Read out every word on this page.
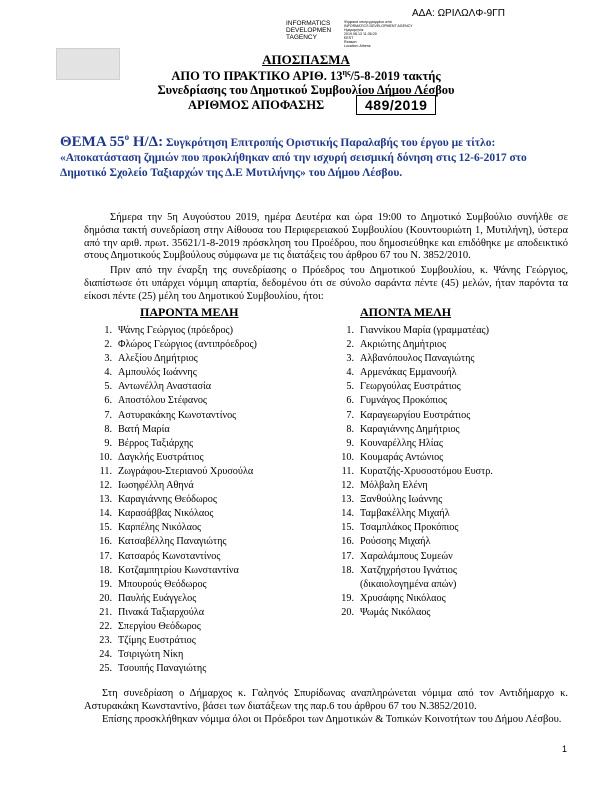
ΑΔΑ: ΩΡΙΛΩΛΦ-9ΓΠ
INFORMATICS
DEVELOPMEN
TAGENCY
Ψηφιακά υπογεγραμμένο από
INFORMATICS DEVELOPMENT AGENCY
Ημερομηνία:
2019.08.13 11:36:20
EEST
Reason:
Location: Athens
ΑΠΟΣΠΑΣΜΑ
ΑΠΟ ΤΟ ΠΡΑΚΤΙΚΟ ΑΡΙΘ. $13^{\eta\varsigma}/5-8-2019$ τακτής
Συνεδρίασης του Δημοτικού Συμβουλίου Δήμου Λέσβου
ΑΡΙΘΜΟΣ ΑΠΟΦΑΣΗΣ	489/2019
ΘΕΜΑ $55^o$ Η/Δ: Συγκρότηση Επιτροπής Οριστικής Παραλαβής του έργου με τίτλο: «Αποκατάσταση ζημιών που προκλήθηκαν από την ισχυρή σεισμική δόνηση στις 12-6-2017 στο Δημοτικό Σχολείο Ταξιαρχών της Δ.Ε Μυτιλήνης» του Δήμου Λέσβου.
Σήμερα την 5η Αυγούστου 2019, ημέρα Δευτέρα και ώρα 19:00 το Δημοτικό Συμβούλιο συνήλθε σε δημόσια τακτή συνεδρίαση στην Αίθουσα του Περιφερειακού Συμβουλίου (Κουντουριώτη 1, Μυτιλήνη), ύστερα από την αριθ. πρωτ. 35621/1-8-2019 πρόσκληση του Προέδρου, που δημοσιεύθηκε και επιδόθηκε με αποδεικτικό στους Δημοτικούς Συμβούλους σύμφωνα με τις διατάξεις του άρθρου 67 του Ν. 3852/2010.
Πριν από την έναρξη της συνεδρίασης ο Πρόεδρος του Δημοτικού Συμβουλίου, κ. Ψάνης Γεώργιος, διαπίστωσε ότι υπάρχει νόμιμη απαρτία, δεδομένου ότι σε σύνολο σαράντα πέντε (45) μελών, ήταν παρόντα τα είκοσι πέντε (25) μέλη του Δημοτικού Συμβουλίου, ήτοι:
ΠΑΡΟΝΤΑ ΜΕΛΗ	ΑΠΟΝΤΑ ΜΕΛΗ
1. Ψάνης Γεώργιος (πρόεδρος)
2. Φλώρος Γεώργιος (αντιπρόεδρος)
3. Αλεξίου Δημήτριος
4. Αμπουλός Ιωάννης
5. Αντωνέλλη Αναστασία
6. Αποστόλου Στέφανος
7. Αστυρακάκης Κωνσταντίνος
8. Βατή Μαρία
9. Βέρρος Ταξιάρχης
10. Δαγκλής Ευστράτιος
11. Ζωγράφου-Στεριανού Χρυσούλα
12. Ιωσηφέλλη Αθηνά
13. Καραγιάννης Θεόδωρος
14. Καρασάββας Νικόλαος
15. Καρπέλης Νικόλαος
16. Κατσαβέλλης Παναγιώτης
17. Κατσαρός Κωνσταντίνος
18. Κοτζαμπητρίου Κωνσταντίνα
19. Μπουρούς Θεόδωρος
20. Παυλής Ευάγγελος
21. Πινακά Ταξιαρχούλα
22. Σπεργίου Θεόδωρος
23. Τζίμης Ευστράτιος
24. Τσιριγώτη Νίκη
25. Τσουπής Παναγιώτης
1. Γιαννίκου Μαρία (γραμματέας)
2. Ακριώτης Δημήτριος
3. Αλβανόπουλος Παναγιώτης
4. Αρμενάκας Εμμανουήλ
5. Γεωργούλας Ευστράτιος
6. Γυμνάγος Προκόπιος
7. Καραγεωργίου Ευστράτιος
8. Καραγιάννης Δημήτριος
9. Κουναρέλλης Ηλίας
10. Κουμαράς Αντώνιος
11. Κυρατζής-Χρυσοστόμου Ευστρ.
12. Μόλβαλη Ελένη
13. Ξανθούλης Ιωάννης
14. Ταμβακέλλης Μιχαήλ
15. Τσαμπλάκος Προκόπιος
16. Ρούσσης Μιχαήλ
17. Χαραλάμπους Συμεών
18. Χατζηχρήστου Ιγνάτιος
(δικαιολογημένα απών)
19. Χρυσάφης Νικόλαος
20. Ψωμάς Νικόλαος
Στη συνεδρίαση ο Δήμαρχος κ. Γαληνός Σπυρίδωνας αναπληρώνεται νόμιμα από τον Αντιδήμαρχο κ. Αστυρακάκη Κωνσταντίνο, βάσει των διατάξεων της παρ.6 του άρθρου 67 του Ν.3852/2010.
Επίσης προσκλήθηκαν νόμιμα όλοι οι Πρόεδροι των Δημοτικών & Τοπικών Κοινοτήτων του Δήμου Λέσβου.
1
